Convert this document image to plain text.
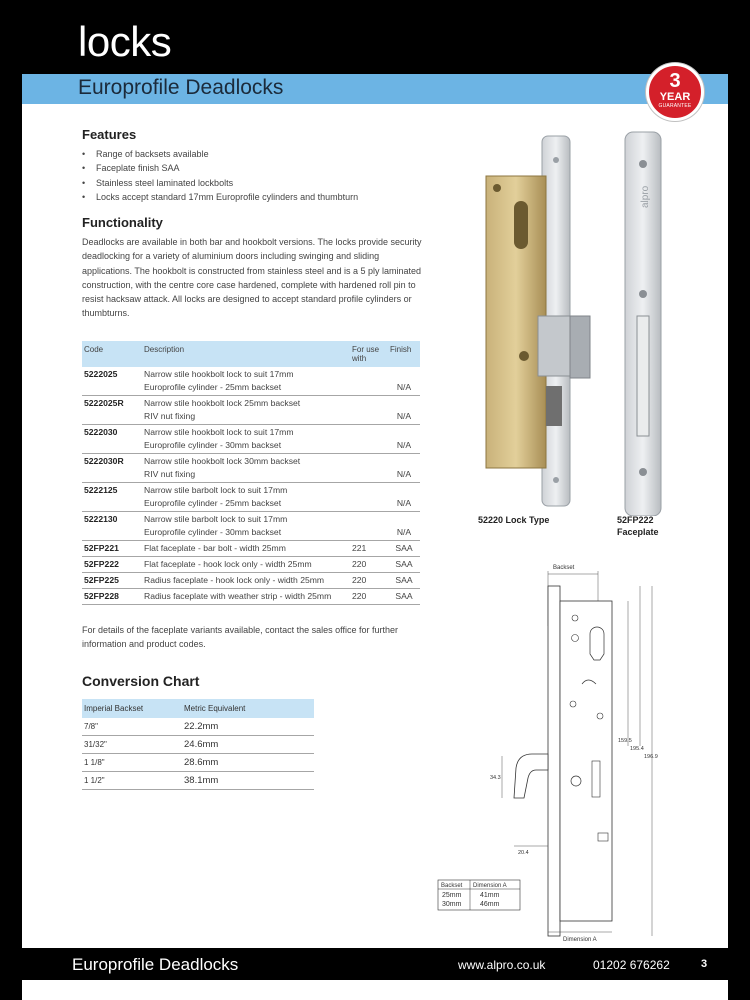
locks
Europrofile Deadlocks	3
YEAR
GUARANTEE
Features
• Range of backsets available
• Faceplate finish SAA
• Stainless steel laminated lockbolts
• Locks accept standard 17mm Europrofile cylinders and thumbturn
Functionality
Deadlocks are available in both bar and hookbolt versions. The locks provide security deadlocking for a variety of aluminium doors including swinging and sliding applications. The hookbolt is constructed from stainless steel and is a 5 ply laminated construction, with the centre core case hardened, complete with hardened roll pin to resist hacksaw attack. All locks are designed to accept standard profile cylinders or thumbturns.
Code	Description	For use with	Finish
5222025	Narrow stile hookbolt lock to suit 17mm
Europrofile cylinder - 25mm backset		N/A
5222025R	Narrow stile hookbolt lock 25mm backset
RIV nut fixing		N/A
5222030	Narrow stile hookbolt lock to suit 17mm
Europrofile cylinder - 30mm backset		N/A
5222030R	Narrow stile hookbolt lock 30mm backset
RIV nut fixing		N/A
5222125	Narrow stile barbolt lock to suit 17mm
Europrofile cylinder - 25mm backset		N/A
5222130	Narrow stile barbolt lock to suit 17mm
Europrofile cylinder - 30mm backset		N/A
52FP221	Flat faceplate - bar bolt - width 25mm	221	SAA
52FP222	Flat faceplate - hook lock only - width 25mm	220	SAA
52FP225	Radius faceplate - hook lock only - width 25mm	220	SAA
52FP228	Radius faceplate with weather strip - width 25mm	220	SAA
For details of the faceplate variants available, contact the sales office for further information and product codes.
Conversion Chart
Imperial Backset	Metric Equivalent
7/8"	22.2mm
31/32"	24.6mm
1 1/8"	28.6mm
1 1/2"	38.1mm
alpro
52220 Lock Type	52FP222
Faceplate
Backset
159.5
195.4
196.9
34.3
20.4
Backset Dimension A
25mm	41mm
30mm	46mm
Dimension A
Europrofile Deadlocks	www.alpro.co.uk	01202 676262	3
